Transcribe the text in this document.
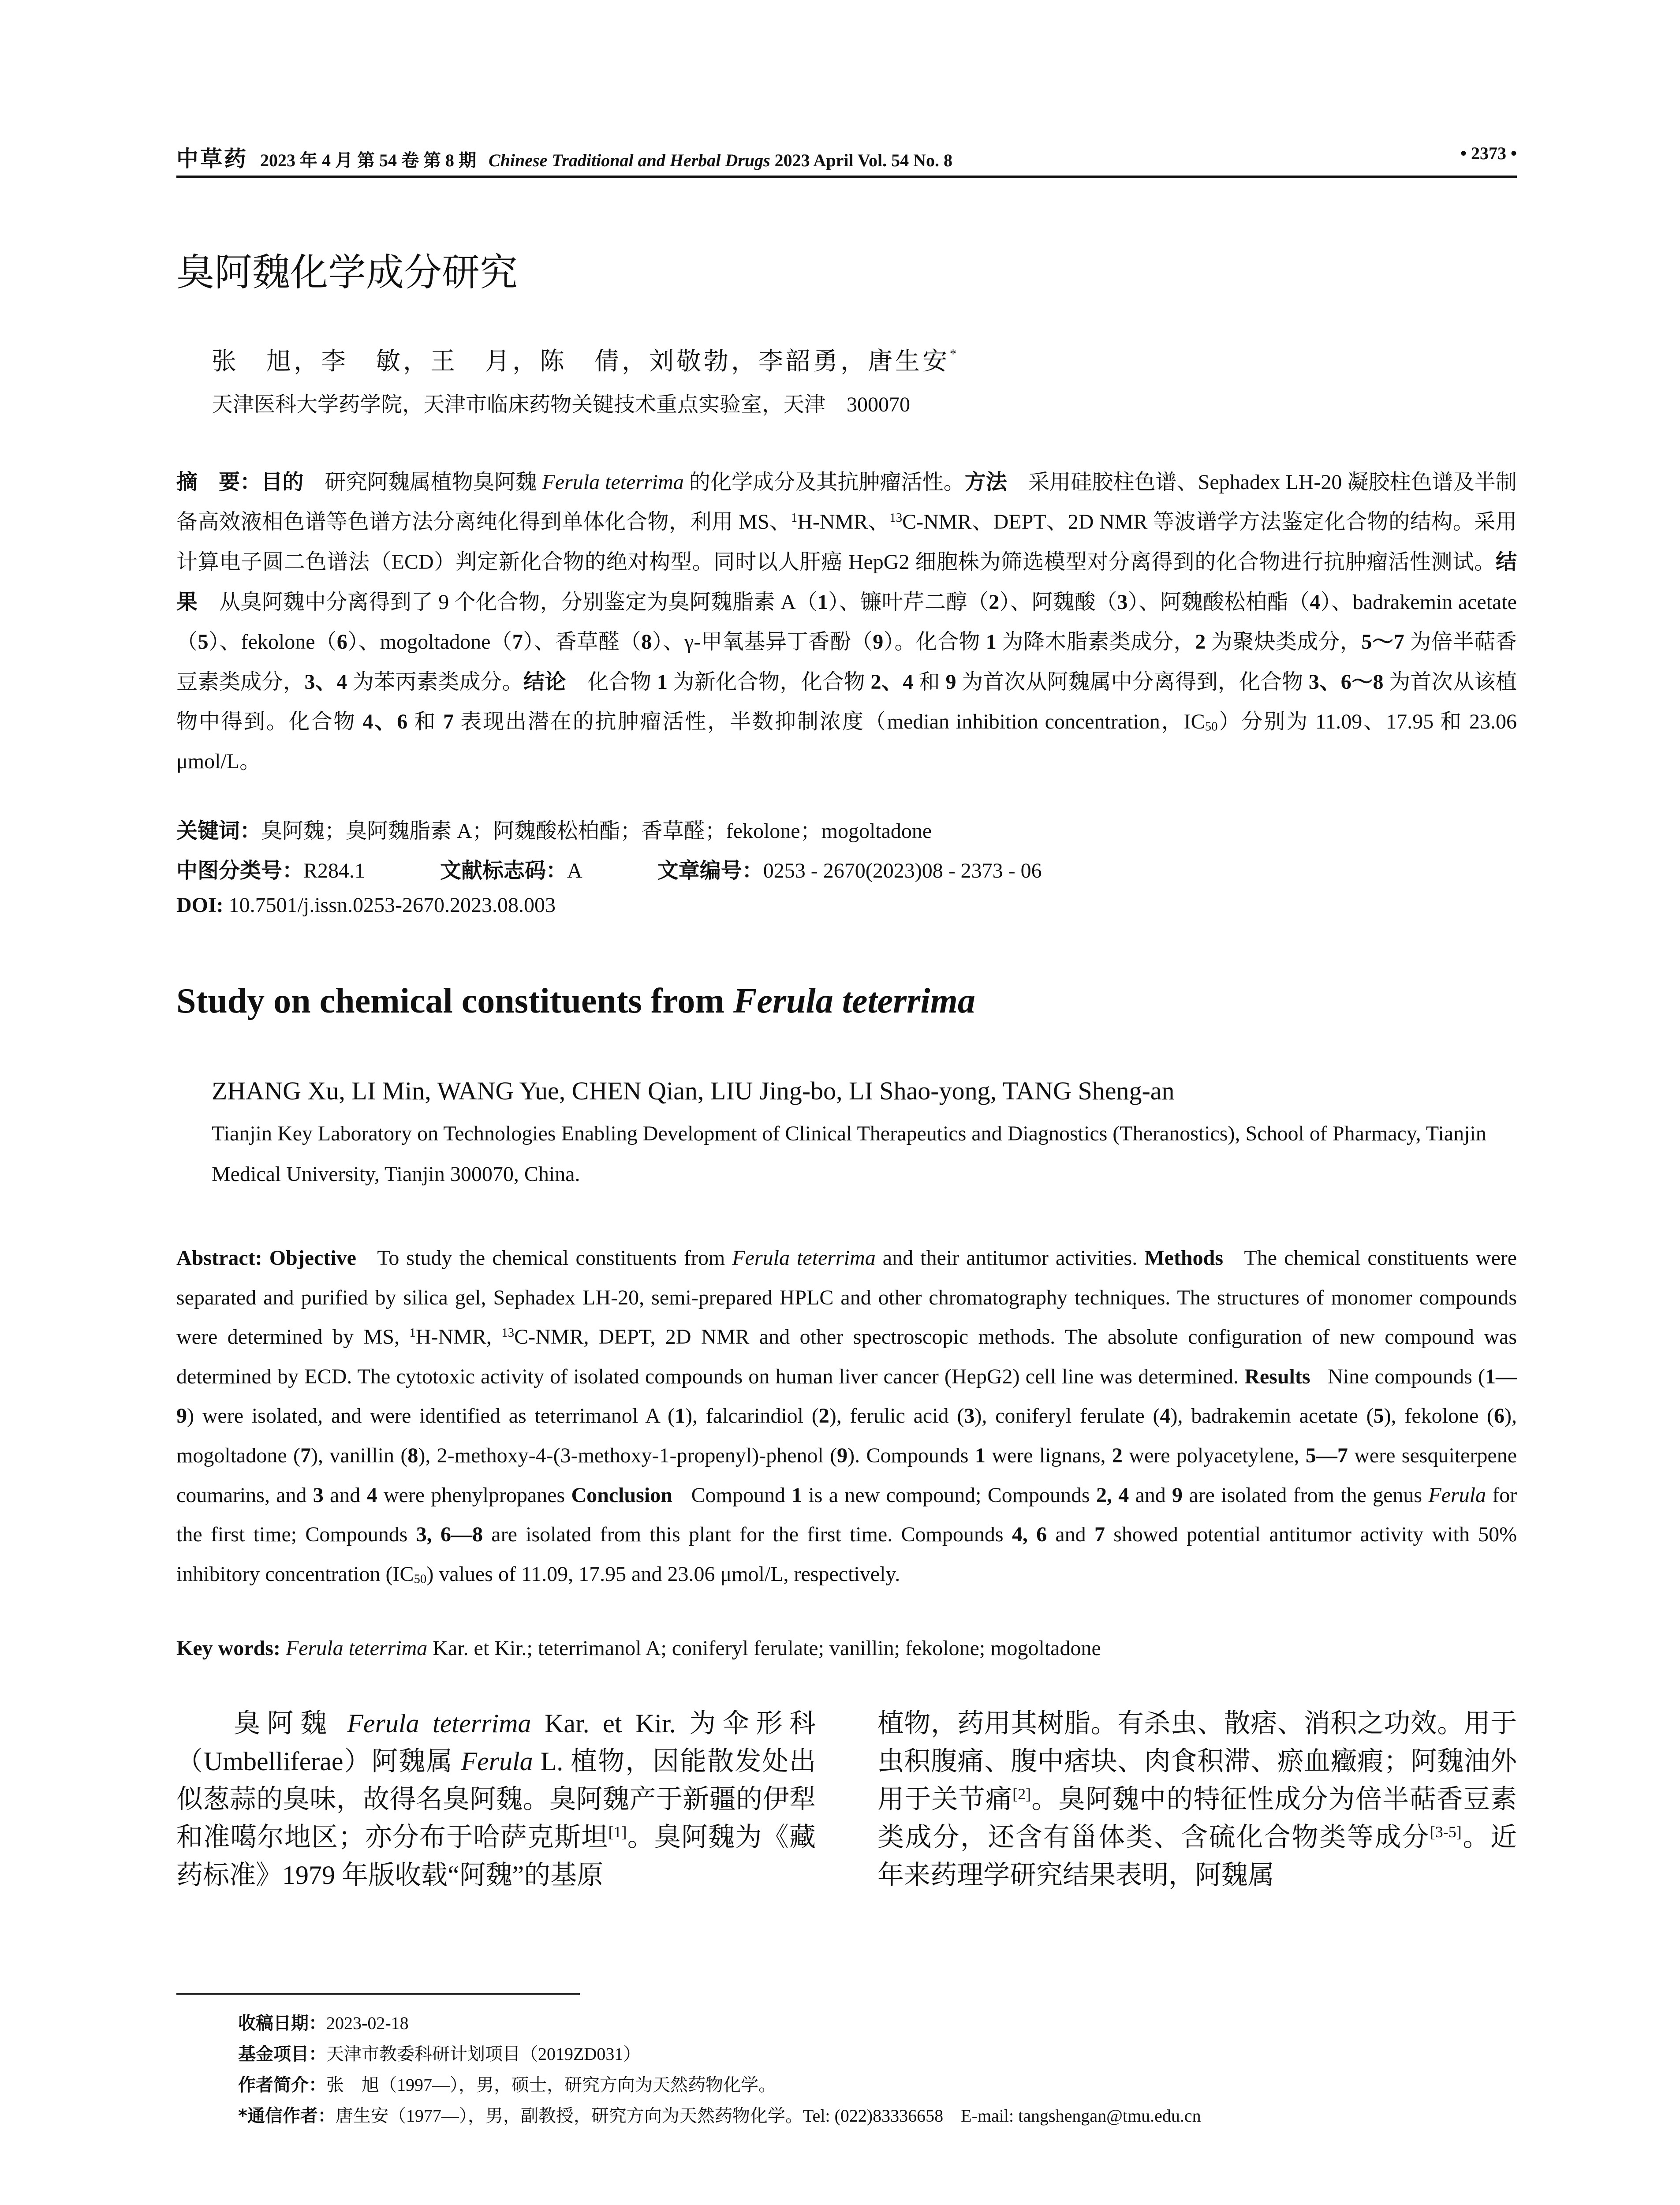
中草药 2023 年 4 月 第 54 卷 第 8 期 Chinese Traditional and Herbal Drugs 2023 April Vol. 54 No. 8	• 2373 •
臭阿魏化学成分研究
张　旭，李　敏，王　月，陈　倩，刘敬勃，李韶勇，唐生安*
天津医科大学药学院，天津市临床药物关键技术重点实验室，天津　300070
摘　要：目的　 研究阿魏属植物臭阿魏 Ferula teterrima 的化学成分及其抗肿瘤活性。方法　 采用硅胶柱色谱、Sephadex LH-20 凝胶柱色谱及半制备高效液相色谱等色谱方法分离纯化得到单体化合物，利用 MS、$^1$H-NMR、$^{13}$C-NMR、DEPT、2D NMR 等波谱学方法鉴定化合物的结构。采用计算电子圆二色谱法（ECD）判定新化合物的绝对构型。同时以人肝癌 HepG2 细胞株为筛选模型对分离得到的化合物进行抗肿瘤活性测试。结果　 从臭阿魏中分离得到了 9 个化合物，分别鉴定为臭阿魏脂素 A（1）、镰叶芹二醇（2）、阿魏酸（3）、阿魏酸松柏酯（4）、badrakemin acetate（5）、fekolone（6）、mogoltadone（7）、香草醛（8）、γ-甲氧基异丁香酚（9）。化合物 1 为降木脂素类成分，2 为聚炔类成分，5～7 为倍半萜香豆素类成分，3、4 为苯丙素类成分。结论　 化合物 1 为新化合物，化合物 2、4 和 9 为首次从阿魏属中分离得到，化合物 3、6～8 为首次从该植物中得到。化合物 4、6 和 7 表现出潜在的抗肿瘤活性，半数抑制浓度（median inhibition concentration，$IC_{50}$）分别为 11.09、17.95 和 23.06 μmol/L。
关键词：臭阿魏；臭阿魏脂素 A；阿魏酸松柏酯；香草醛；fekolone；mogoltadone
中图分类号：R284.1	文献标志码：A	文章编号：0253 - 2670(2023)08 - 2373 - 06
DOI: 10.7501/j.issn.0253-2670.2023.08.003
Study on chemical constituents from Ferula teterrima
ZHANG Xu, LI Min, WANG Yue, CHEN Qian, LIU Jing-bo, LI Shao-yong, TANG Sheng-an
Tianjin Key Laboratory on Technologies Enabling Development of Clinical Therapeutics and Diagnostics (Theranostics), School of Pharmacy, Tianjin Medical University, Tianjin 300070, China.
Abstract: Objective To study the chemical constituents from Ferula teterrima and their antitumor activities. Methods The chemical constituents were separated and purified by silica gel, Sephadex LH-20, semi-prepared HPLC and other chromatography techniques. The structures of monomer compounds were determined by MS, $^1$H-NMR, $^{13}$C-NMR, DEPT, 2D NMR and other spectroscopic methods. The absolute configuration of new compound was determined by ECD. The cytotoxic activity of isolated compounds on human liver cancer (HepG2) cell line was determined. Results Nine compounds (1—9) were isolated, and were identified as teterrimanol A (1), falcarindiol (2), ferulic acid (3), coniferyl ferulate (4), badrakemin acetate (5), fekolone (6), mogoltadone (7), vanillin (8), 2-methoxy-4-(3-methoxy-1-propenyl)-phenol (9). Compounds 1 were lignans, 2 were polyacetylene, 5—7 were sesquiterpene coumarins, and 3 and 4 were phenylpropanes Conclusion Compound 1 is a new compound; Compounds 2, 4 and 9 are isolated from the genus Ferula for the first time; Compounds 3, 6—8 are isolated from this plant for the first time. Compounds 4, 6 and 7 showed potential antitumor activity with 50% inhibitory concentration $(IC_{50})$ values of 11.09, 17.95 and 23.06 μmol/L, respectively.
Key words: Ferula teterrima Kar. et Kir.; teterrimanol A; coniferyl ferulate; vanillin; fekolone; mogoltadone
臭阿魏 Ferula teterrima Kar. et Kir. 为伞形科（Umbelliferae）阿魏属 Ferula L. 植物，因能散发处出似葱蒜的臭味，故得名臭阿魏。臭阿魏产于新疆的伊犁和准噶尔地区；亦分布于哈萨克斯坦[1]。臭阿魏为《藏药标准》1979 年版收载“阿魏”的基原
植物，药用其树脂。有杀虫、散痞、消积之功效。用于虫积腹痛、腹中痞块、肉食积滞、瘀血癥瘕；阿魏油外用于关节痛[2]。臭阿魏中的特征性成分为倍半萜香豆素类成分，还含有甾体类、含硫化合物类等成分[3-5]。近年来药理学研究结果表明，阿魏属
收稿日期：2023-02-18
基金项目：天津市教委科研计划项目（2019ZD031）
作者简介：张　旭（1997—），男，硕士，研究方向为天然药物化学。
*通信作者：唐生安（1977—），男，副教授，研究方向为天然药物化学。Tel: (022)83336658　E-mail: tangshengan@tmu.edu.cn
